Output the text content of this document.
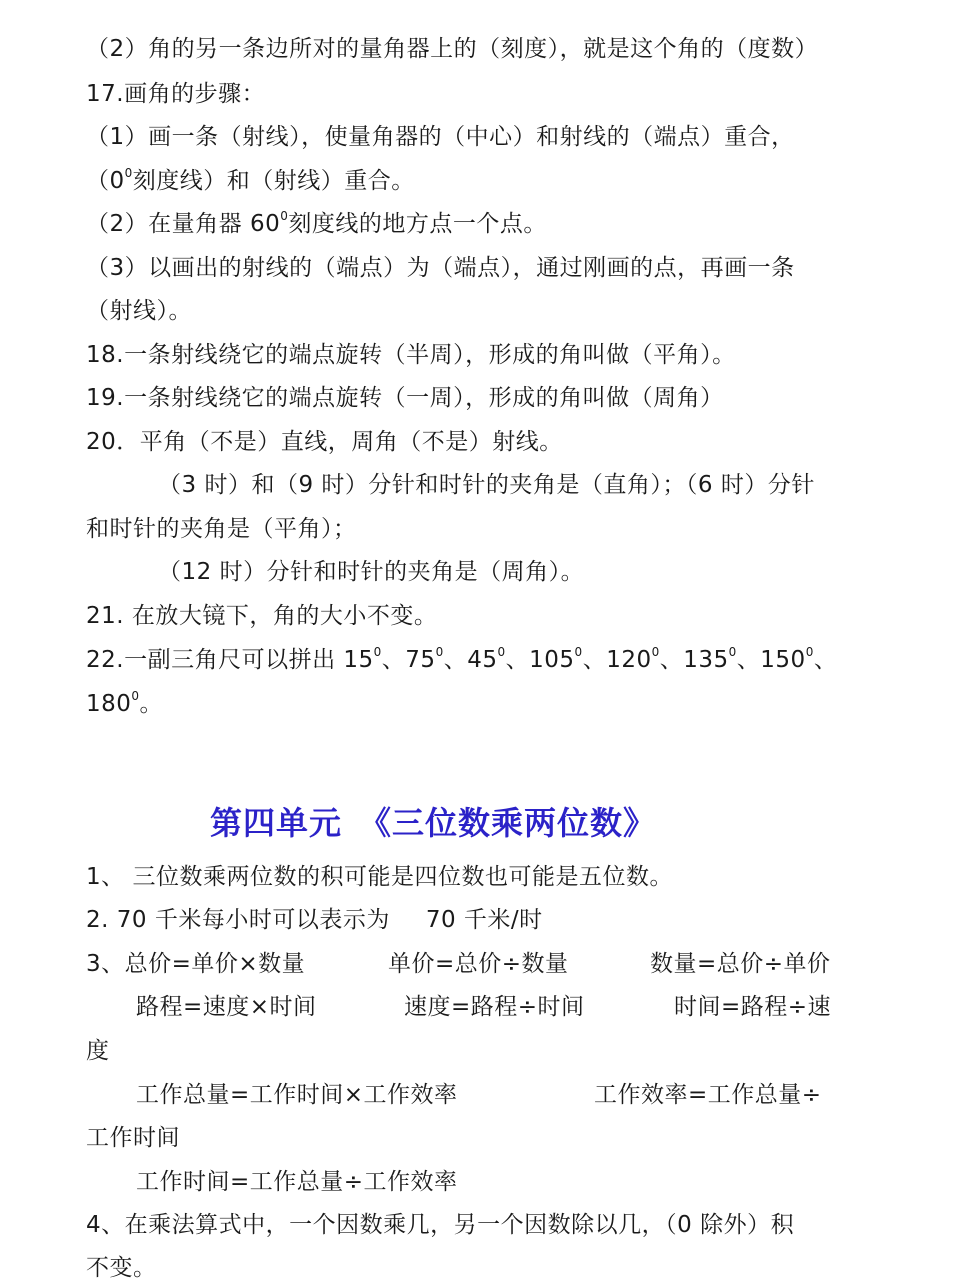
（2）角的另一条边所对的量角器上的（刻度），就是这个角的（度数）
17.画角的步骤：
（1）画一条（射线），使量角器的（中心）和射线的（端点）重合，
（$0^0$刻度线）和（射线）重合。
（2）在量角器 $60^0$刻度线的地方点一个点。
（3）以画出的射线的（端点）为（端点），通过刚画的点，再画一条
（射线）。
18.一条射线绕它的端点旋转（半周），形成的角叫做（平角）。
19.一条射线绕它的端点旋转（一周），形成的角叫做（周角）
20．平角（不是）直线，周角（不是）射线。
（3 时）和（9 时）分针和时针的夹角是（直角）；（6 时）分针
和时针的夹角是（平角）；
（12 时）分针和时针的夹角是（周角）。
21. 在放大镜下，角的大小不变。
22.一副三角尺可以拼出 $15^0$、$75^0$、$45^0$、$105^0$、$120^0$、$135^0$、$150^0$、
$180^0$。
第四单元　《三位数乘两位数》
1、 三位数乘两位数的积可能是四位数也可能是五位数。
2. 70 千米每小时可以表示为 70 千米/时
3、总价=单价×数量	单价=总价÷数量	数量=总价÷单价
路程=速度×时间	速度=路程÷时间	时间=路程÷速
度
工作总量=工作时间×工作效率	工作效率=工作总量÷
工作时间
工作时间=工作总量÷工作效率
4、在乘法算式中，一个因数乘几，另一个因数除以几，（0 除外）积
不变。
